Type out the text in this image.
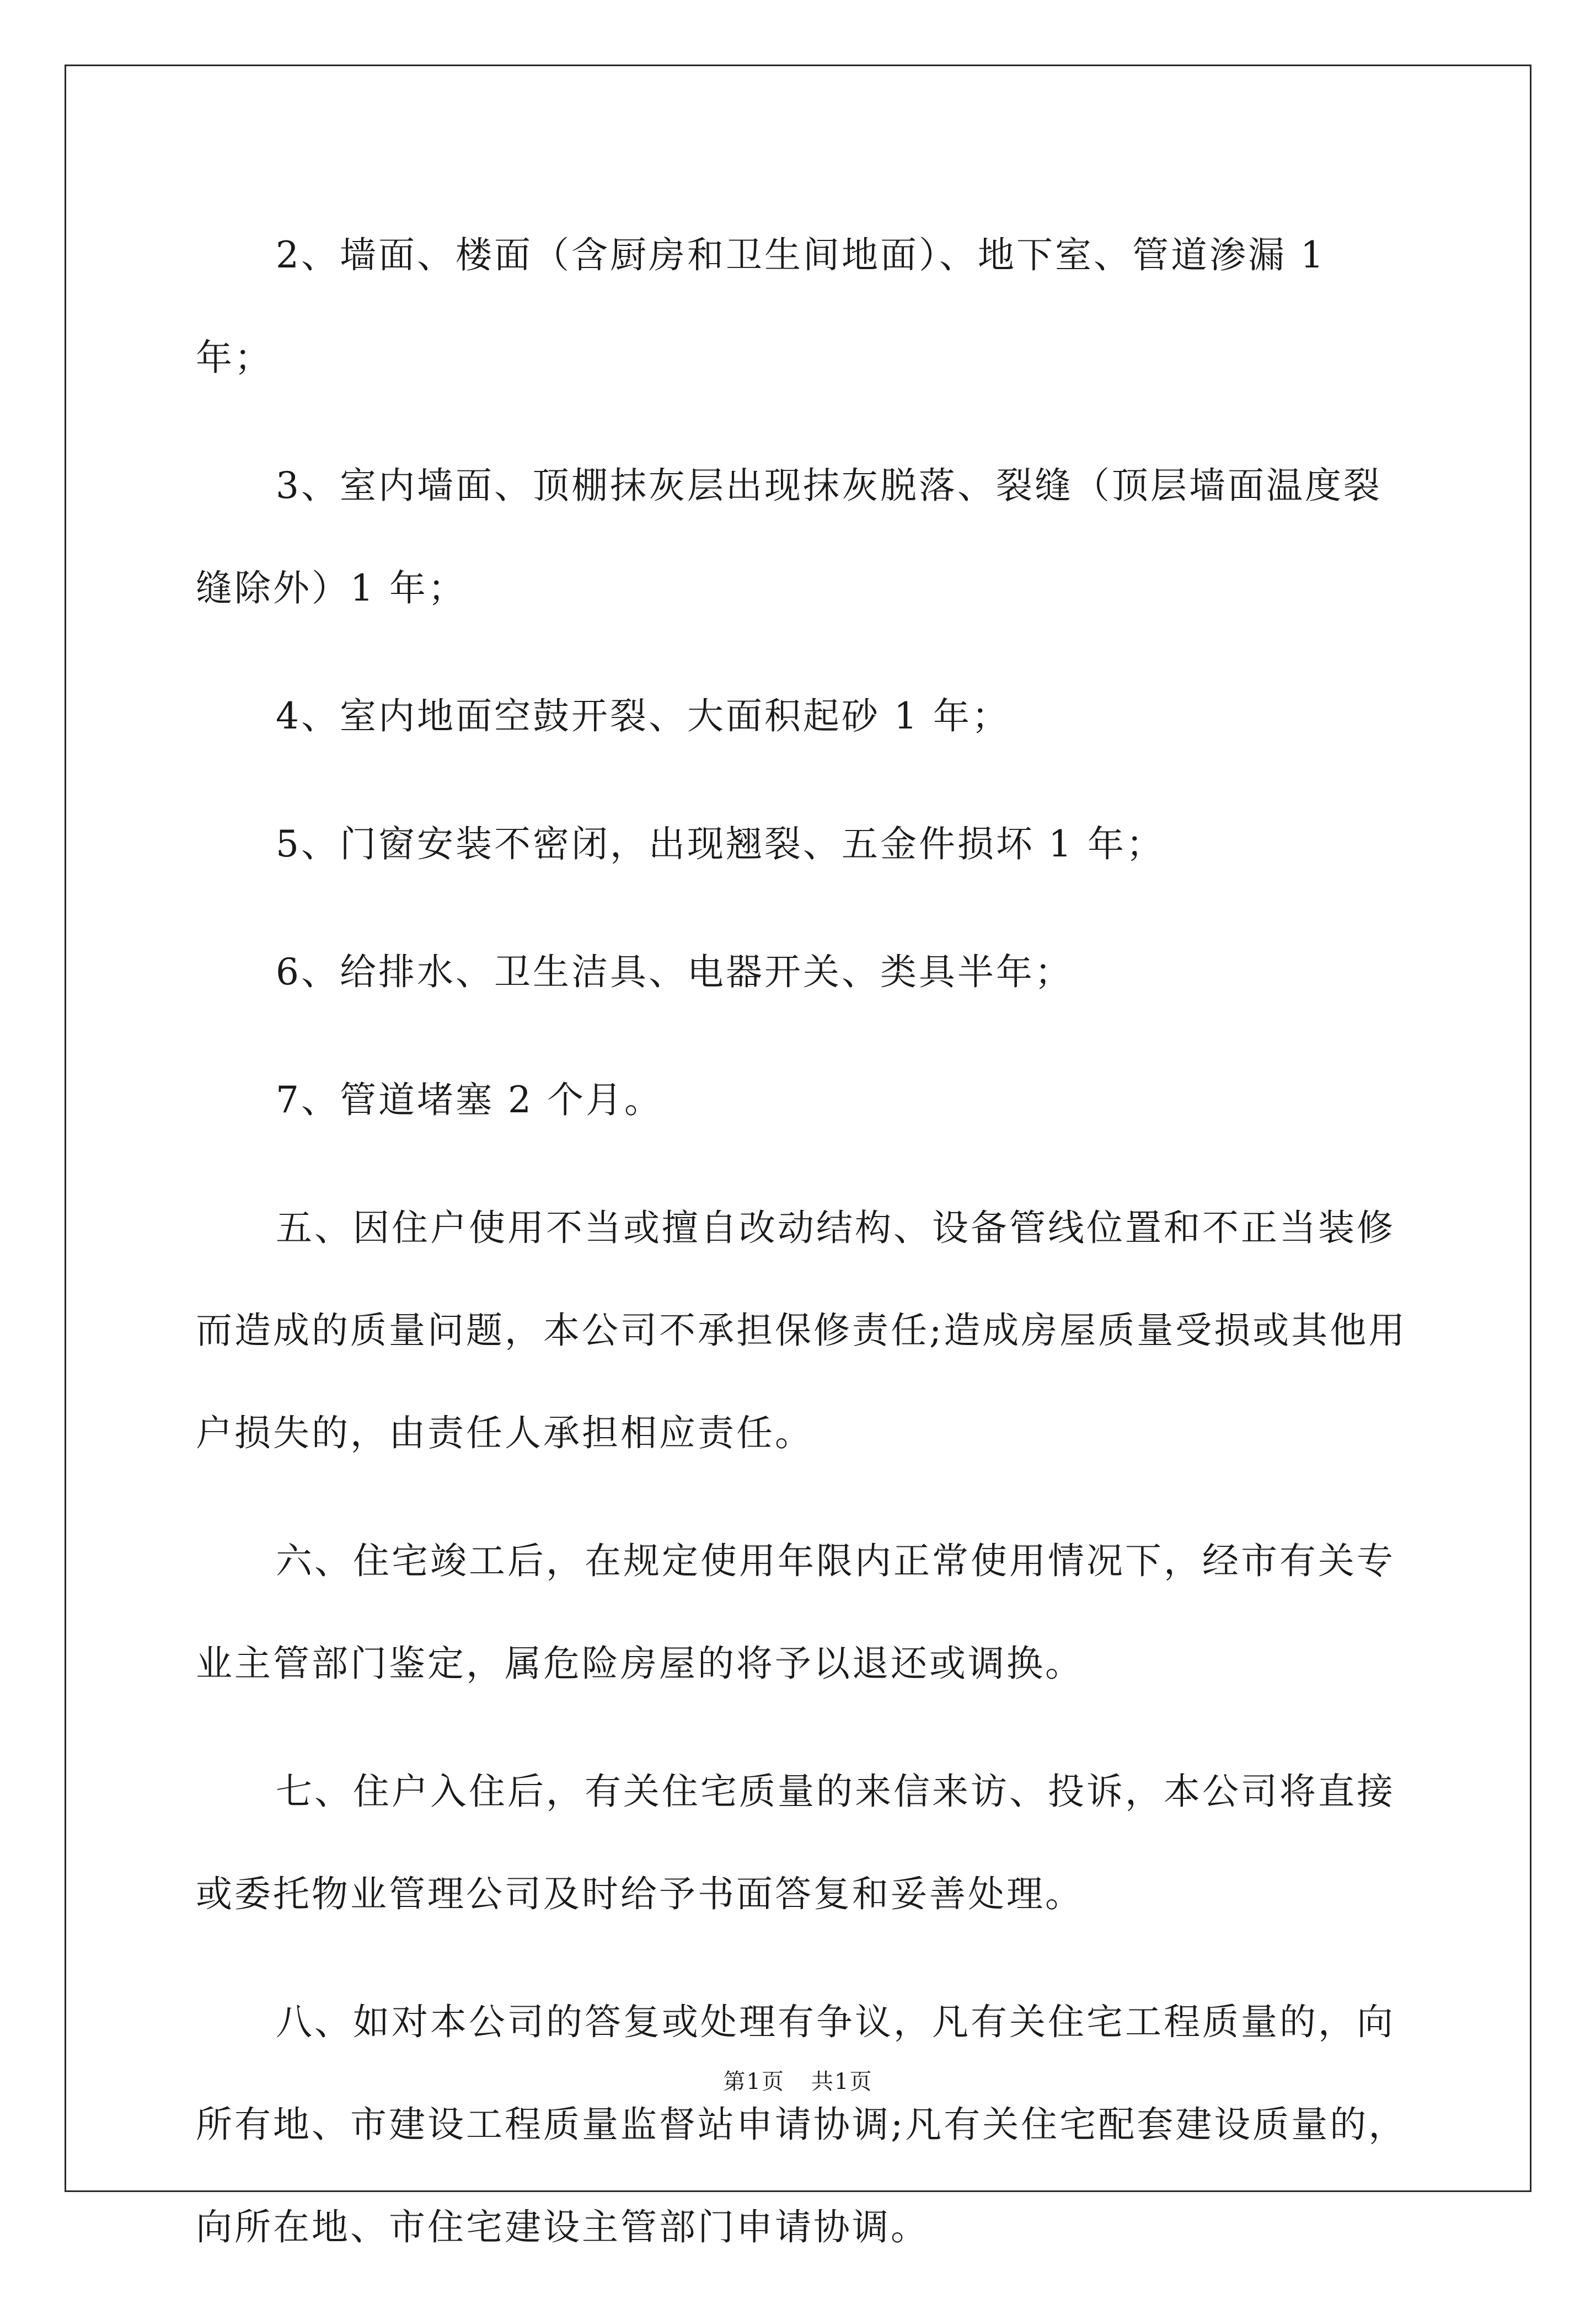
2、墙面、楼面（含厨房和卫生间地面）、地下室、管道渗漏 1 年；

3、室内墙面、顶棚抹灰层出现抹灰脱落、裂缝（顶层墙面温度裂缝除外）1 年；

4、室内地面空鼓开裂、大面积起砂 1 年；

5、门窗安装不密闭，出现翘裂、五金件损坏 1 年；

6、给排水、卫生洁具、电器开关、类具半年；

7、管道堵塞 2 个月。

五、因住户使用不当或擅自改动结构、设备管线位置和不正当装修而造成的质量问题，本公司不承担保修责任;造成房屋质量受损或其他用户损失的，由责任人承担相应责任。

六、住宅竣工后，在规定使用年限内正常使用情况下，经市有关专业主管部门鉴定，属危险房屋的将予以退还或调换。

七、住户入住后，有关住宅质量的来信来访、投诉，本公司将直接或委托物业管理公司及时给予书面答复和妥善处理。

八、如对本公司的答复或处理有争议，凡有关住宅工程质量的，向所有地、市建设工程质量监督站申请协调;凡有关住宅配套建设质量的，向所在地、市住宅建设主管部门申请协调。

第1页 共1页
